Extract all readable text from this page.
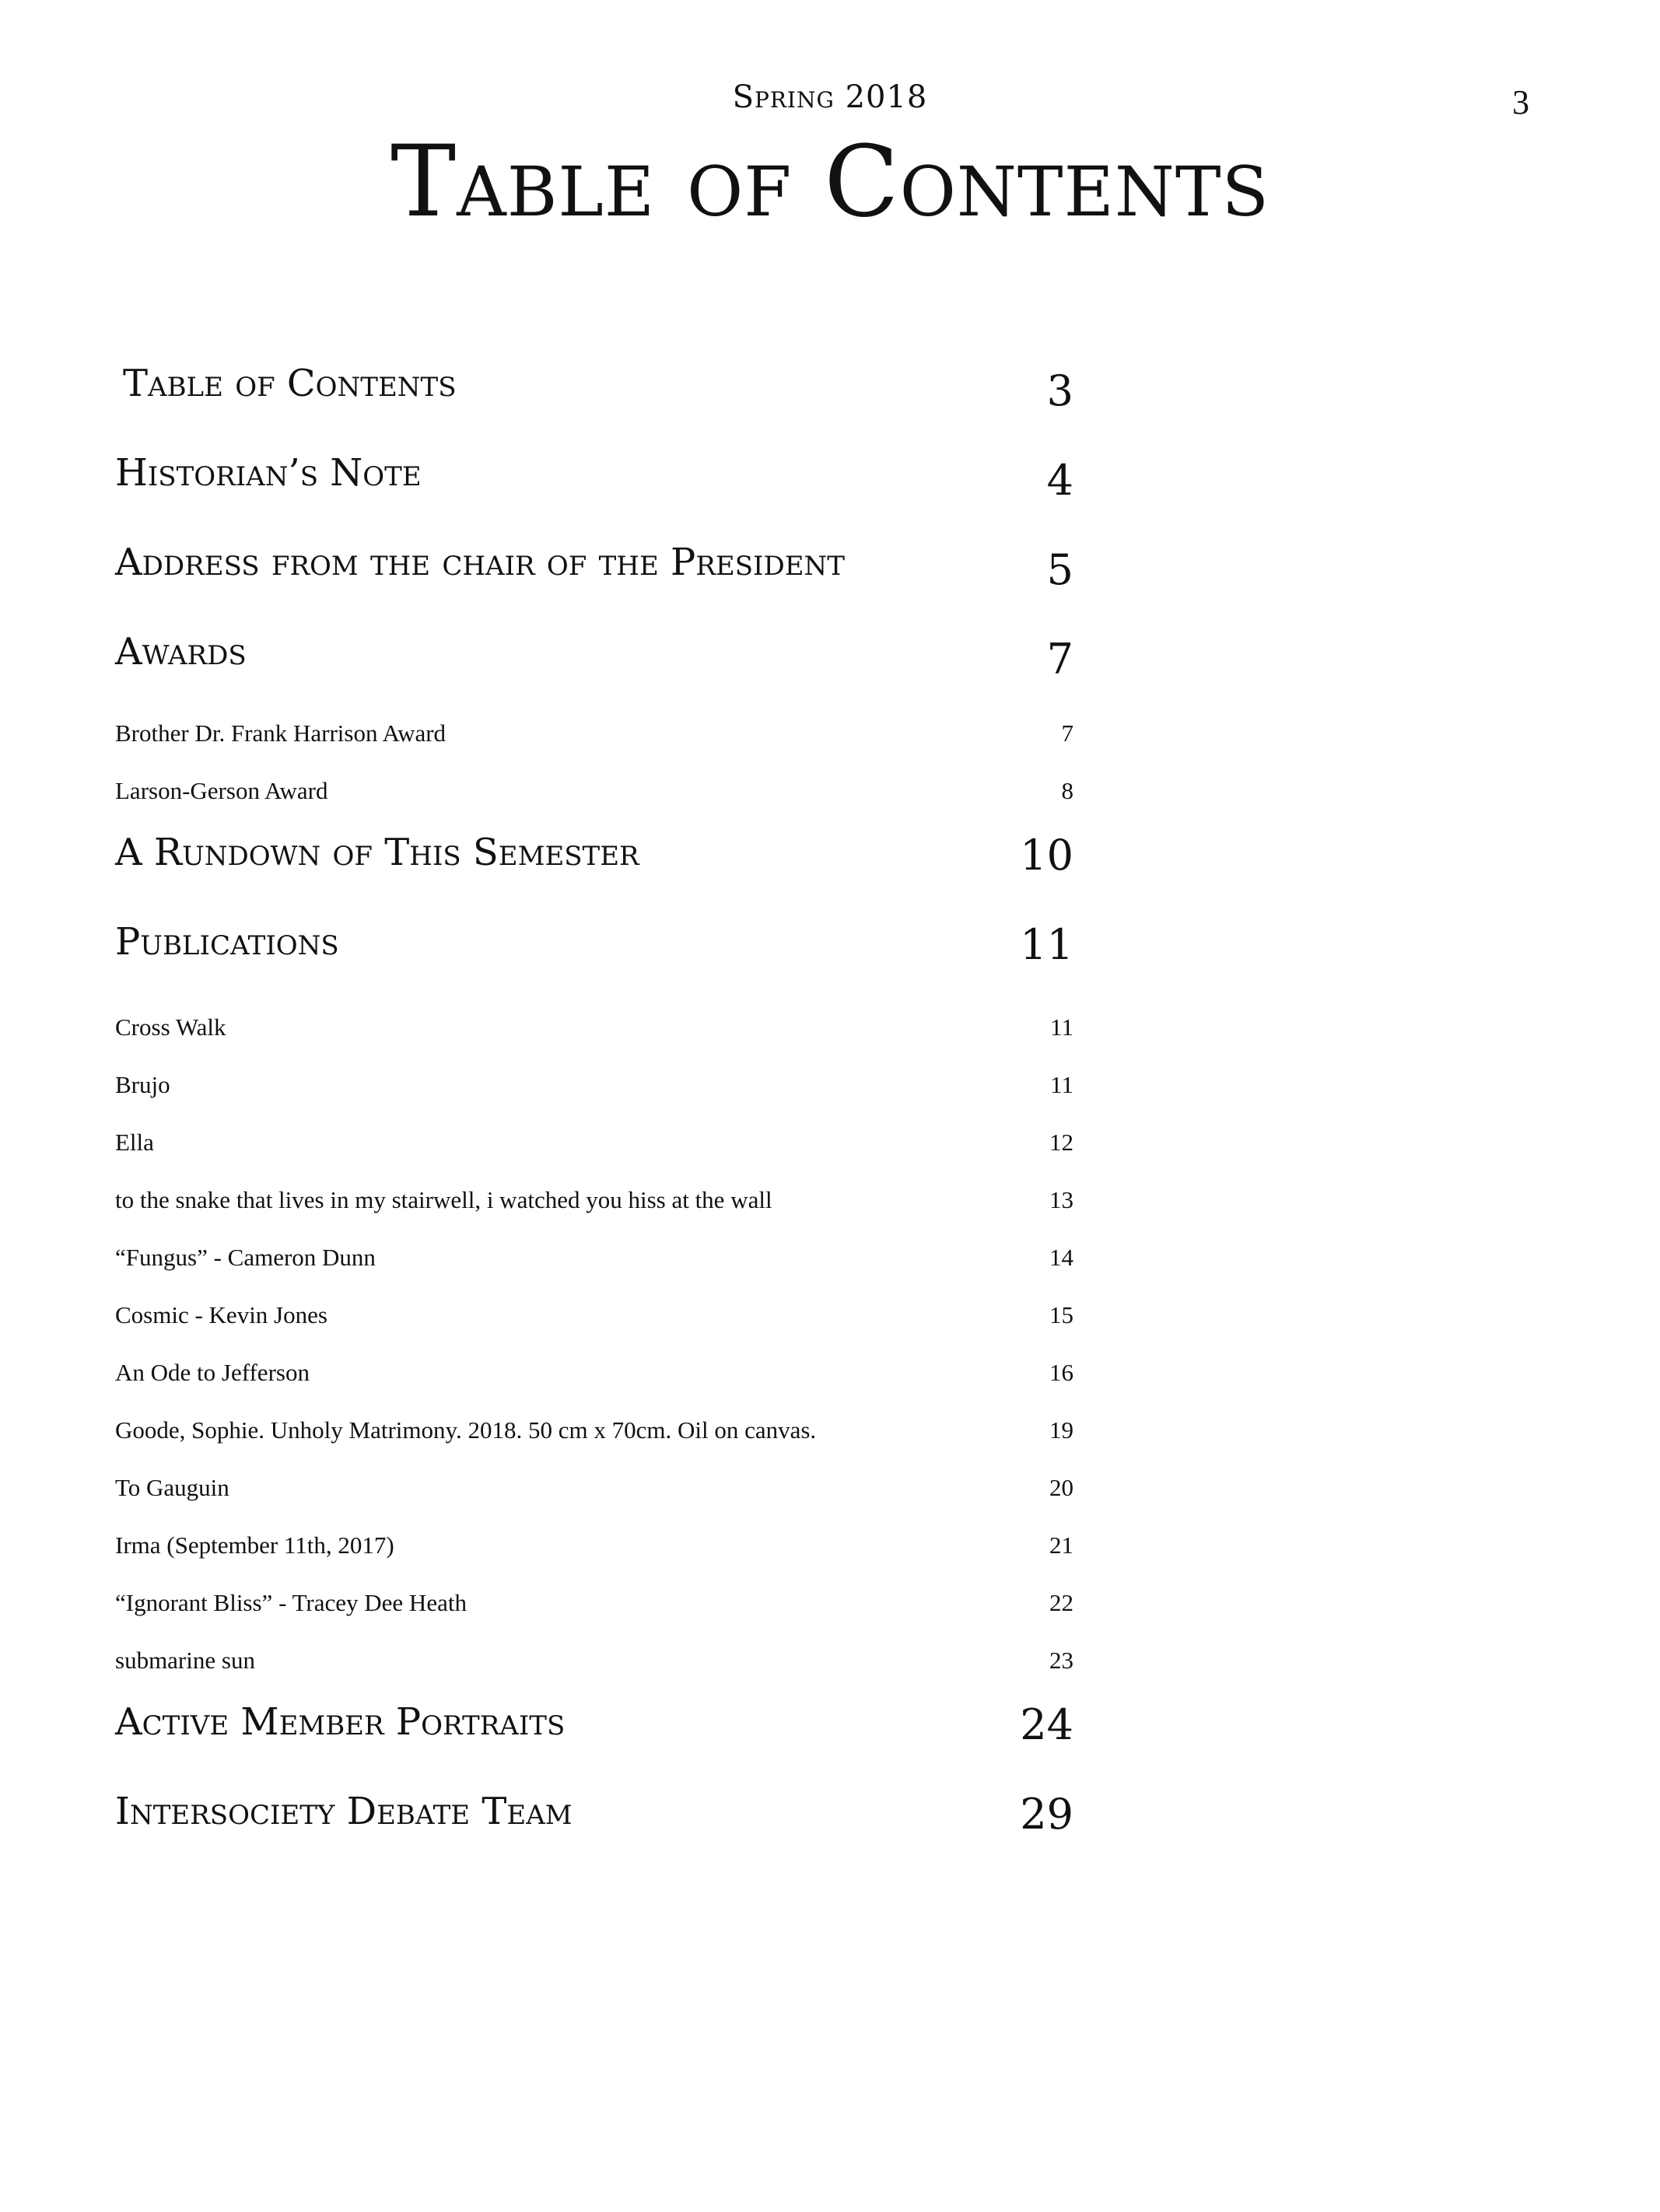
Spring 2018	3
Table of Contents
Table of Contents	3
Historian’s Note	4
Address from the chair of the President	5
Awards	7
Brother Dr. Frank Harrison Award	7
Larson-Gerson Award	8
A Rundown of This Semester	10
Publications	11
Cross Walk	11
Brujo	11
Ella	12
to the snake that lives in my stairwell, i watched you hiss at the wall	13
“Fungus” - Cameron Dunn	14
Cosmic - Kevin Jones	15
An Ode to Jefferson	16
Goode, Sophie. Unholy Matrimony. 2018. 50 cm x 70cm. Oil on canvas.	19
To Gauguin	20
Irma (September 11th, 2017)	21
“Ignorant Bliss” - Tracey Dee Heath	22
submarine sun	23
Active Member Portraits	24
Intersociety Debate Team	29
